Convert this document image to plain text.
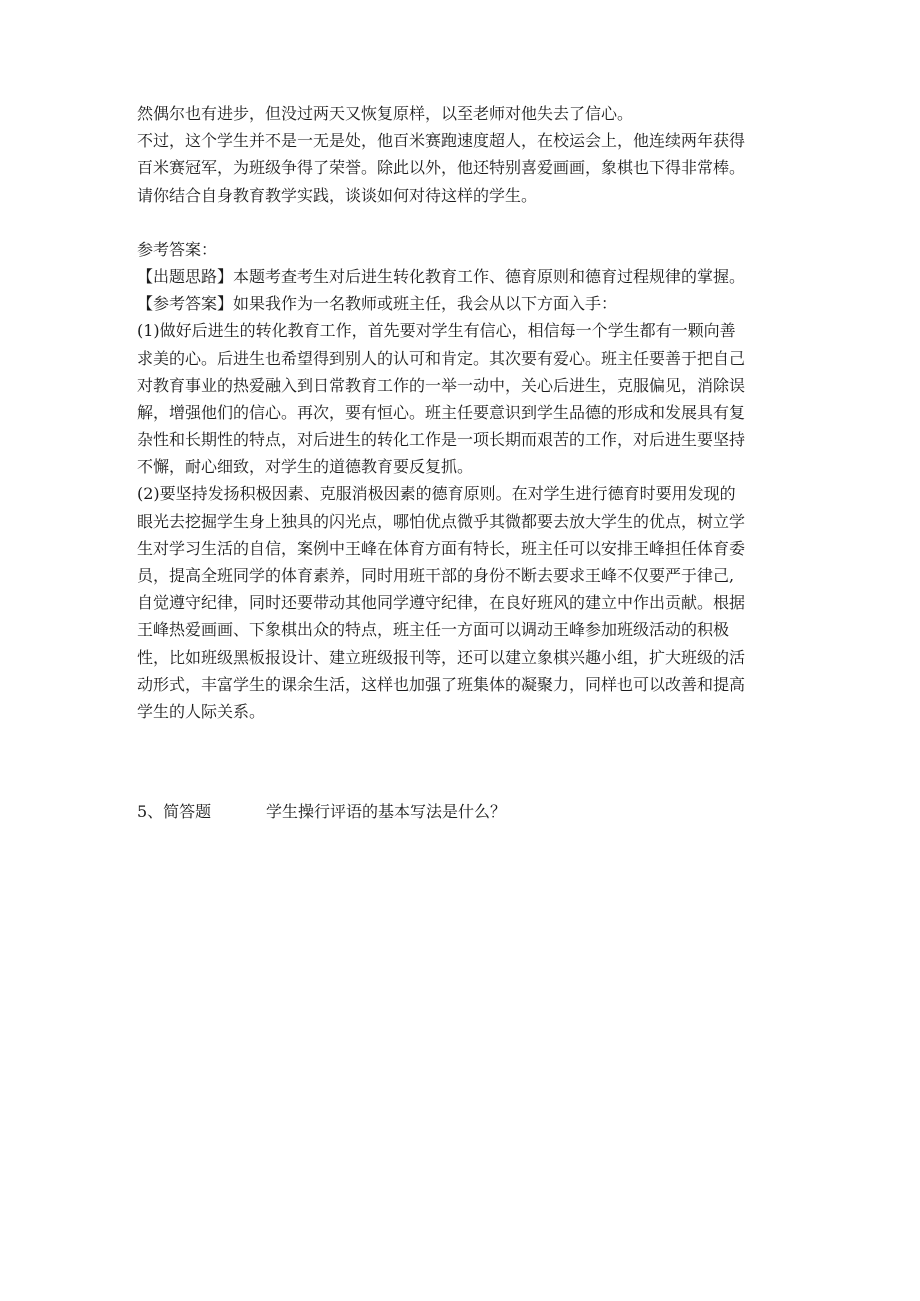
然偶尔也有进步，但没过两天又恢复原样，以至老师对他失去了信心。
不过，这个学生并不是一无是处，他百米赛跑速度超人，在校运会上，他连续两年获得
百米赛冠军，为班级争得了荣誉。除此以外，他还特别喜爱画画，象棋也下得非常棒。
请你结合自身教育教学实践，谈谈如何对待这样的学生。
参考答案：
【出题思路】本题考查考生对后进生转化教育工作、德育原则和德育过程规律的掌握。
【参考答案】如果我作为一名教师或班主任，我会从以下方面入手：
(1)做好后进生的转化教育工作，首先要对学生有信心，相信每一个学生都有一颗向善
求美的心。后进生也希望得到别人的认可和肯定。其次要有爱心。班主任要善于把自己
对教育事业的热爱融入到日常教育工作的一举一动中，关心后进生，克服偏见，消除误
解，增强他们的信心。再次，要有恒心。班主任要意识到学生品德的形成和发展具有复
杂性和长期性的特点，对后进生的转化工作是一项长期而艰苦的工作，对后进生要坚持
不懈，耐心细致，对学生的道德教育要反复抓。
(2)要坚持发扬积极因素、克服消极因素的德育原则。在对学生进行德育时要用发现的
眼光去挖掘学生身上独具的闪光点，哪怕优点微乎其微都要去放大学生的优点，树立学
生对学习生活的自信，案例中王峰在体育方面有特长，班主任可以安排王峰担任体育委
员，提高全班同学的体育素养，同时用班干部的身份不断去要求王峰不仅要严于律己,
自觉遵守纪律，同时还要带动其他同学遵守纪律，在良好班风的建立中作出贡献。根据
王峰热爱画画、下象棋出众的特点，班主任一方面可以调动王峰参加班级活动的积极
性，比如班级黑板报设计、建立班级报刊等，还可以建立象棋兴趣小组，扩大班级的活
动形式，丰富学生的课余生活，这样也加强了班集体的凝聚力，同样也可以改善和提高
学生的人际关系。
5、简答题	学生操行评语的基本写法是什么？
